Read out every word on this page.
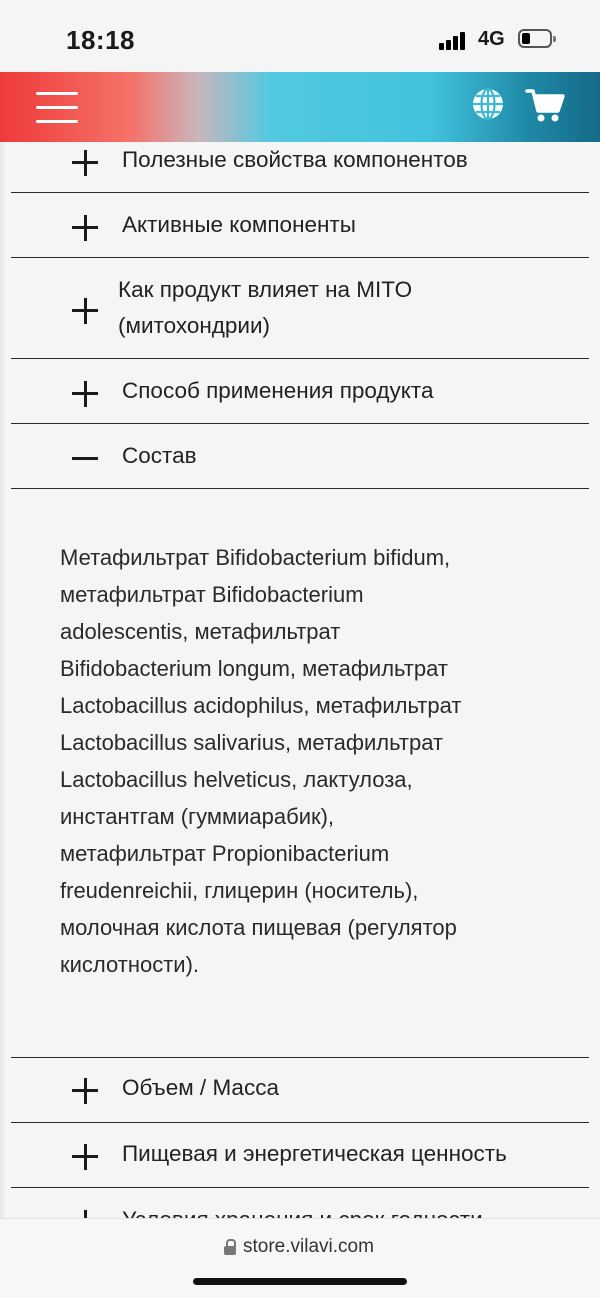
18:18	4G
Полезные свойства компонентов
Активные компоненты
Как продукт влияет на MITO
(митохондрии)
Способ применения продукта
Состав
Метафильтрат Bifidobacterium bifidum,
метафильтрат Bifidobacterium
adolescentis, метафильтрат
Bifidobacterium longum, метафильтрат
Lactobacillus acidophilus, метафильтрат
Lactobacillus salivarius, метафильтрат
Lactobacillus helveticus, лактулоза,
инстантгам (гуммиарабик),
метафильтрат Propionibacterium
freudenreichii, глицерин (носитель),
молочная кислота пищевая (регулятор
кислотности).
Объем / Масса
Пищевая и энергетическая ценность
store.vilavi.com
